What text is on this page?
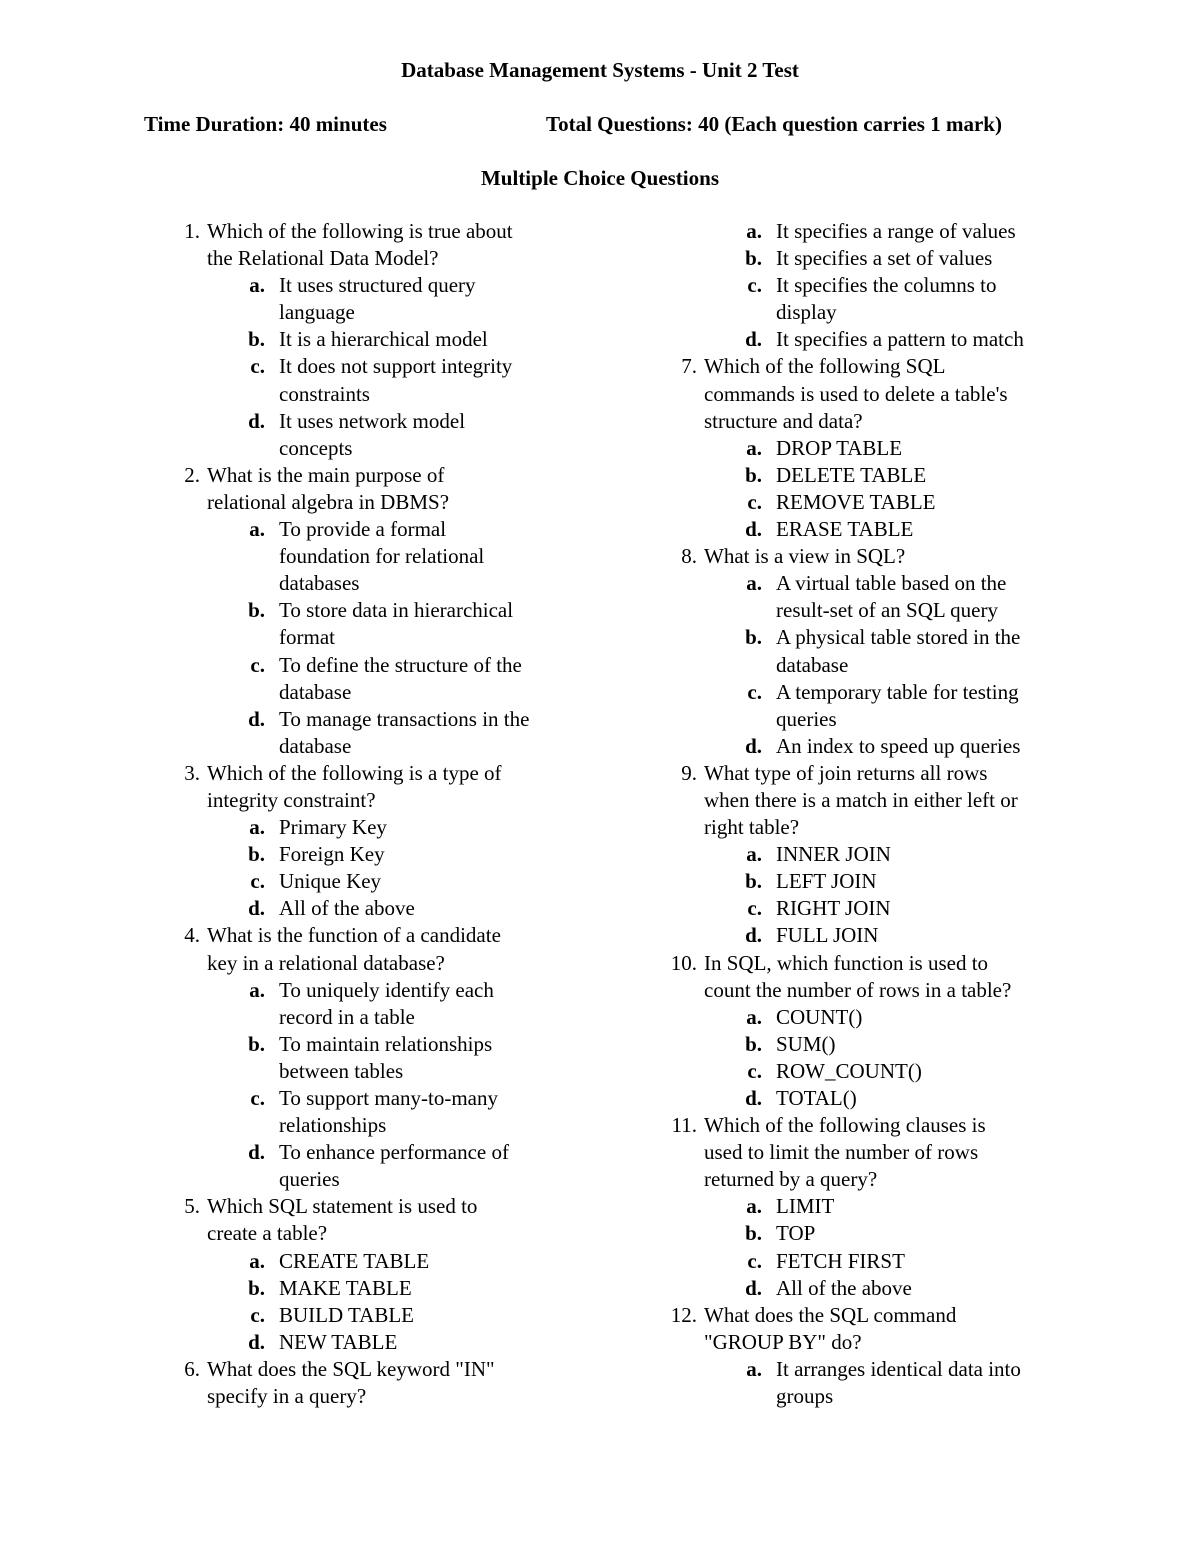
Database Management Systems - Unit 2 Test
Time Duration: 40 minutes	Total Questions: 40 (Each question carries 1 mark)
Multiple Choice Questions
1. Which of the following is true about
the Relational Data Model?
a. It uses structured query
language
b. It is a hierarchical model
c. It does not support integrity
constraints
d. It uses network model
concepts
2. What is the main purpose of
relational algebra in DBMS?
a. To provide a formal
foundation for relational
databases
b. To store data in hierarchical
format
c. To define the structure of the
database
d. To manage transactions in the
database
3. Which of the following is a type of
integrity constraint?
a. Primary Key
b. Foreign Key
c. Unique Key
d. All of the above
4. What is the function of a candidate
key in a relational database?
a. To uniquely identify each
record in a table
b. To maintain relationships
between tables
c. To support many-to-many
relationships
d. To enhance performance of
queries
5. Which SQL statement is used to
create a table?
a. CREATE TABLE
b. MAKE TABLE
c. BUILD TABLE
d. NEW TABLE
6. What does the SQL keyword "IN"
specify in a query?
a. It specifies a range of values
b. It specifies a set of values
c. It specifies the columns to
display
d. It specifies a pattern to match
7. Which of the following SQL
commands is used to delete a table's
structure and data?
a. DROP TABLE
b. DELETE TABLE
c. REMOVE TABLE
d. ERASE TABLE
8. What is a view in SQL?
a. A virtual table based on the
result-set of an SQL query
b. A physical table stored in the
database
c. A temporary table for testing
queries
d. An index to speed up queries
9. What type of join returns all rows
when there is a match in either left or
right table?
a. INNER JOIN
b. LEFT JOIN
c. RIGHT JOIN
d. FULL JOIN
10. In SQL, which function is used to
count the number of rows in a table?
a. COUNT()
b. SUM()
c. ROW_COUNT()
d. TOTAL()
11. Which of the following clauses is
used to limit the number of rows
returned by a query?
a. LIMIT
b. TOP
c. FETCH FIRST
d. All of the above
12. What does the SQL command
"GROUP BY" do?
a. It arranges identical data into
groups
